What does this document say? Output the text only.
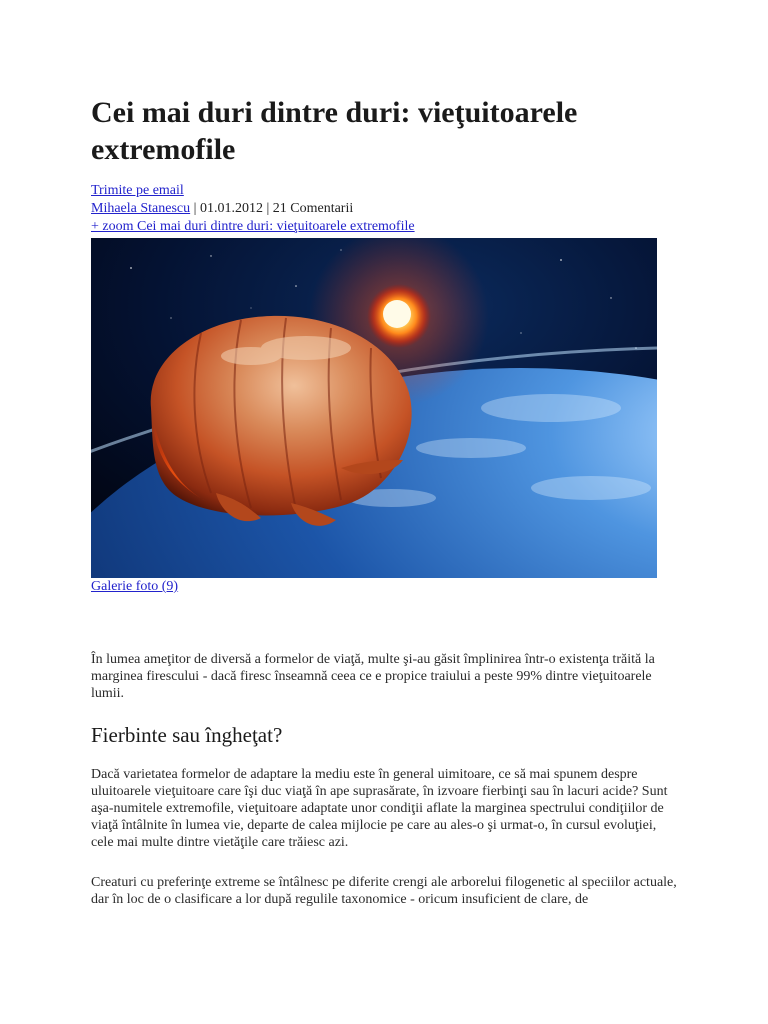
Cei mai duri dintre duri: vieţuitoarele extremofile
Trimite pe email
Mihaela Stanescu | 01.01.2012 | 21 Comentarii
+ zoom Cei mai duri dintre duri: vieţuitoarele extremofile
Galerie foto (9)

În lumea ameţitor de diversă a formelor de viaţă, multe şi-au găsit împlinirea într-o existenţa trăită la marginea firescului - dacă firesc înseamnă ceea ce e propice traiului a peste 99% dintre vieţuitoarele lumii.

Fierbinte sau îngheţat?

Dacă varietatea formelor de adaptare la mediu este în general uimitoare, ce să mai spunem despre uluitoarele vieţuitoare care îşi duc viaţă în ape suprasărate, în izvoare fierbinţi sau în lacuri acide? Sunt aşa-numitele extremofile, vieţuitoare adaptate unor condiţii aflate la marginea spectrului condiţiilor de viaţă întâlnite în lumea vie, departe de calea mijlocie pe care au ales-o şi urmat-o, în cursul evoluţiei, cele mai multe dintre vietăţile care trăiesc azi.

Creaturi cu preferinţe extreme se întâlnesc pe diferite crengi ale arborelui filogenetic al speciilor actuale, dar în loc de o clasificare a lor după regulile taxonomice - oricum insuficient de clare, de
